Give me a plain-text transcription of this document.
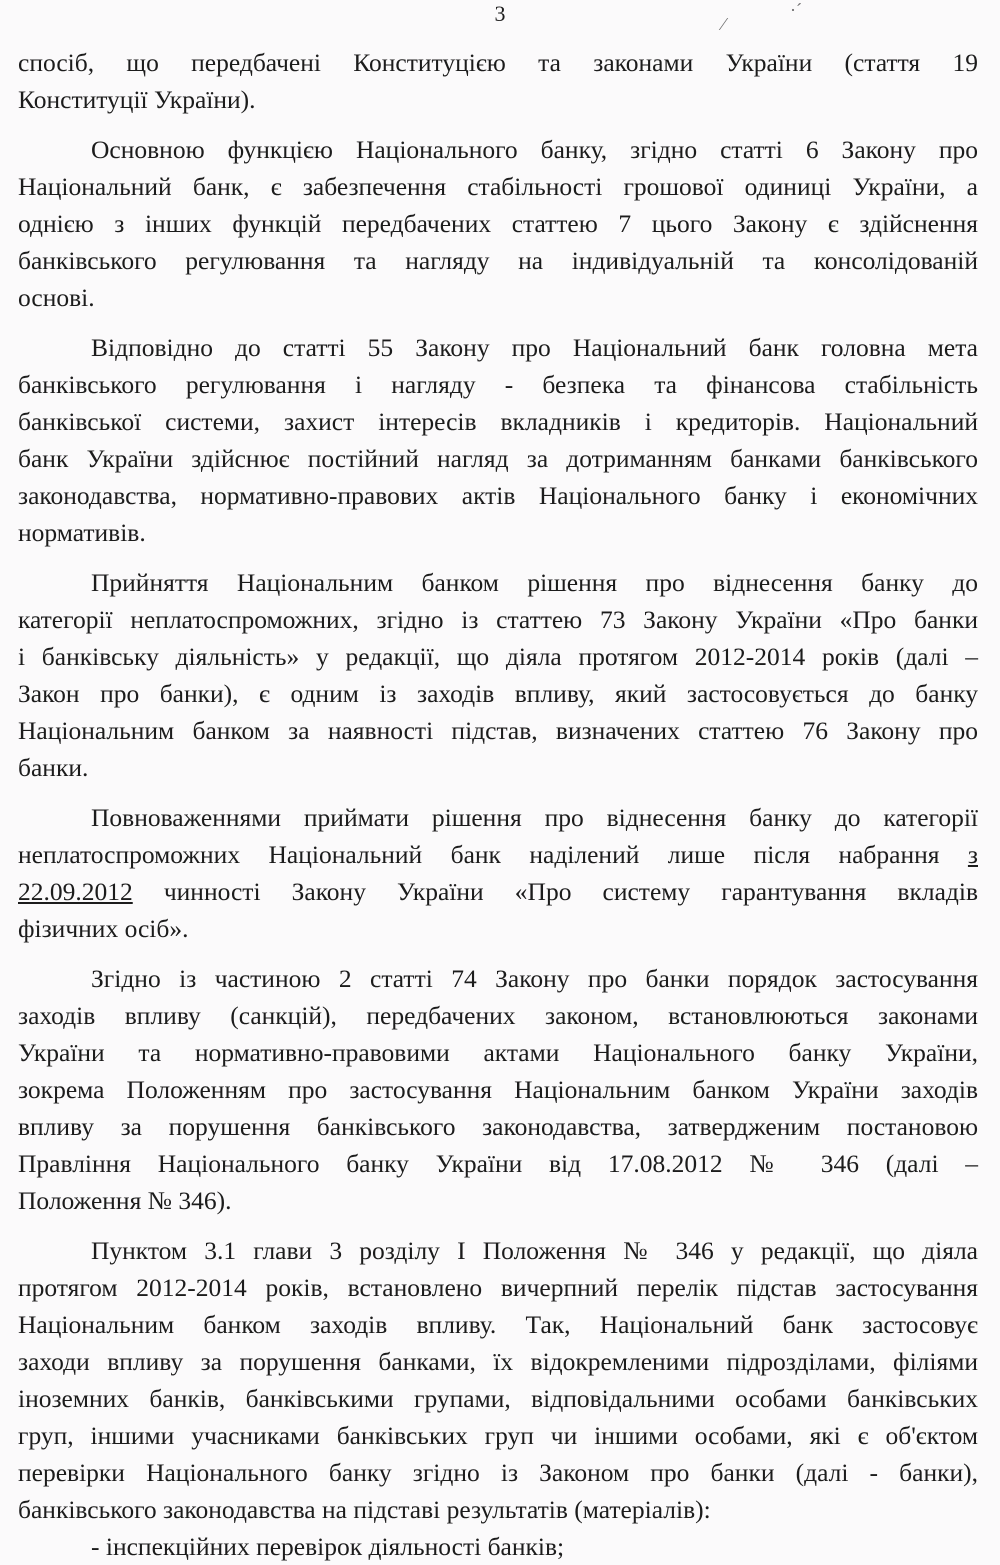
3	⁄
·´
спосіб, що передбачені Конституцією та законами України (стаття 19
Конституції України).
Основною функцією Національного банку, згідно статті 6 Закону про
Національний банк, є забезпечення стабільності грошової одиниці України, а
однією з інших функцій передбачених статтею 7 цього Закону є здійснення
банківського регулювання та нагляду на індивідуальній та консолідованій
основі.
Відповідно до статті 55 Закону про Національний банк головна мета
банківського регулювання і нагляду - безпека та фінансова стабільність
банківської системи, захист інтересів вкладників і кредиторів. Національний
банк України здійснює постійний нагляд за дотриманням банками банківського
законодавства, нормативно-правових актів Національного банку і економічних
нормативів.
Прийняття Національним банком рішення про віднесення банку до
категорії неплатоспроможних, згідно із статтею 73 Закону України «Про банки
і банківську діяльність» у редакції, що діяла протягом 2012-2014 років (далі –
Закон про банки), є одним із заходів впливу, який застосовується до банку
Національним банком за наявності підстав, визначених статтею 76 Закону про
банки.
Повноваженнями приймати рішення про віднесення банку до категорії
неплатоспроможних Національний банк наділений лише після набрання з
22.09.2012 чинності Закону України «Про систему гарантування вкладів
фізичних осіб».
Згідно із частиною 2 статті 74 Закону про банки порядок застосування
заходів впливу (санкцій), передбачених законом, встановлюються законами
України та нормативно-правовими актами Національного банку України,
зокрема Положенням про застосування Національним банком України заходів
впливу за порушення банківського законодавства, затвердженим постановою
Правління Національного банку України від 17.08.2012 № 346 (далі –
Положення № 346).
Пунктом 3.1 глави 3 розділу І Положення № 346 у редакції, що діяла
протягом 2012-2014 років, встановлено вичерпний перелік підстав застосування
Національним банком заходів впливу. Так, Національний банк застосовує
заходи впливу за порушення банками, їх відокремленими підрозділами, філіями
іноземних банків, банківськими групами, відповідальними особами банківських
груп, іншими учасниками банківських груп чи іншими особами, які є об'єктом
перевірки Національного банку згідно із Законом про банки (далі - банки),
банківського законодавства на підставі результатів (матеріалів):
- інспекційних перевірок діяльності банків;
